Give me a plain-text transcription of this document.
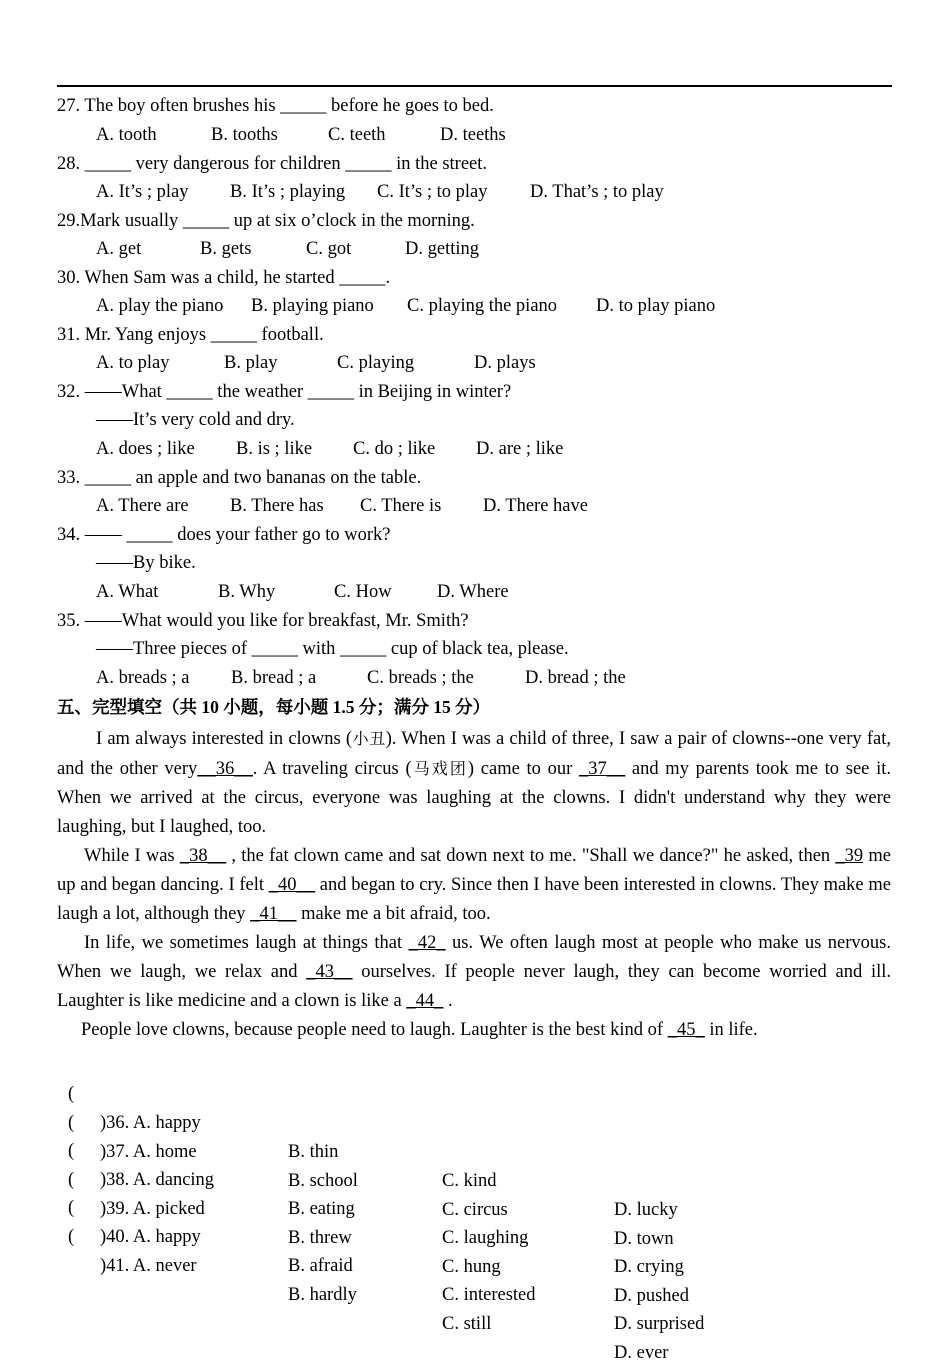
27. The boy often brushes his _____ before he goes to bed.
A. tooth	B. tooths	C. teeth	D. teeths
28. _____ very dangerous for children _____ in the street.
A. It’s ; play B. It’s ; playing C. It’s ; to play D. That’s ; to play
29.Mark usually _____ up at six o’clock in the morning.
A. get	B. gets	C. got	D. getting
30. When Sam was a child, he started _____.
A. play the piano B. playing piano C. playing the piano D. to play piano
31. Mr. Yang enjoys _____ football.
A. to play	B. play	C. playing	D. plays
32. ——What _____ the weather _____ in Beijing in winter?
——It’s very cold and dry.
A. does ; like B. is ; like C. do ; like D. are ; like
33. _____ an apple and two bananas on the table.
A. There are B. There has C. There is D. There have
34. —— _____ does your father go to work?
——By bike.
A. What	B. Why	C. How D. Where
35. ——What would you like for breakfast, Mr. Smith?
——Three pieces of _____ with _____ cup of black tea, please.
A. breads ; a B. bread ; a	C. breads ; the	D. bread ; the
五、完型填空（共 10 小题，每小题 1.5 分；满分 15 分）

I am always interested in clowns (小丑). When I was a child of three, I saw a pair of clowns--one very fat, and the other very__36__. A traveling circus (马戏团) came to our _37__ and my parents took me to see it. When we arrived at the circus, everyone was laughing at the clowns. I didn't understand why they were laughing, but I laughed, too.

While I was _38__ , the fat clown came and sat down next to me. "Shall we dance?" he asked, then _39 me up and began dancing. I felt _40__ and began to cry. Since then I have been interested in clowns. They make me laugh a lot, although they _41__ make me a bit afraid, too.

In life, we sometimes laugh at things that _42_ us. We often laugh most at people who make us nervous. When we laugh, we relax and _43__ ourselves. If people never laugh, they can become worried and ill. Laughter is like medicine and a clown is like a _44_ .

People love clowns, because people need to laugh. Laughter is the best kind of _45_ in life.

(

)36. A. happy

B. thin

C. kind

D. lucky

(

)37. A. home

B. school

C. circus

D. town

(

)38. A. dancing

B. eating

C. laughing

D. crying

(

)39. A. picked

B. threw

C. hung

D. pushed

(

)40. A. happy

B. afraid

C. interested

D. surprised

(

)41. A. never

B. hardly

C. still

D. ever
